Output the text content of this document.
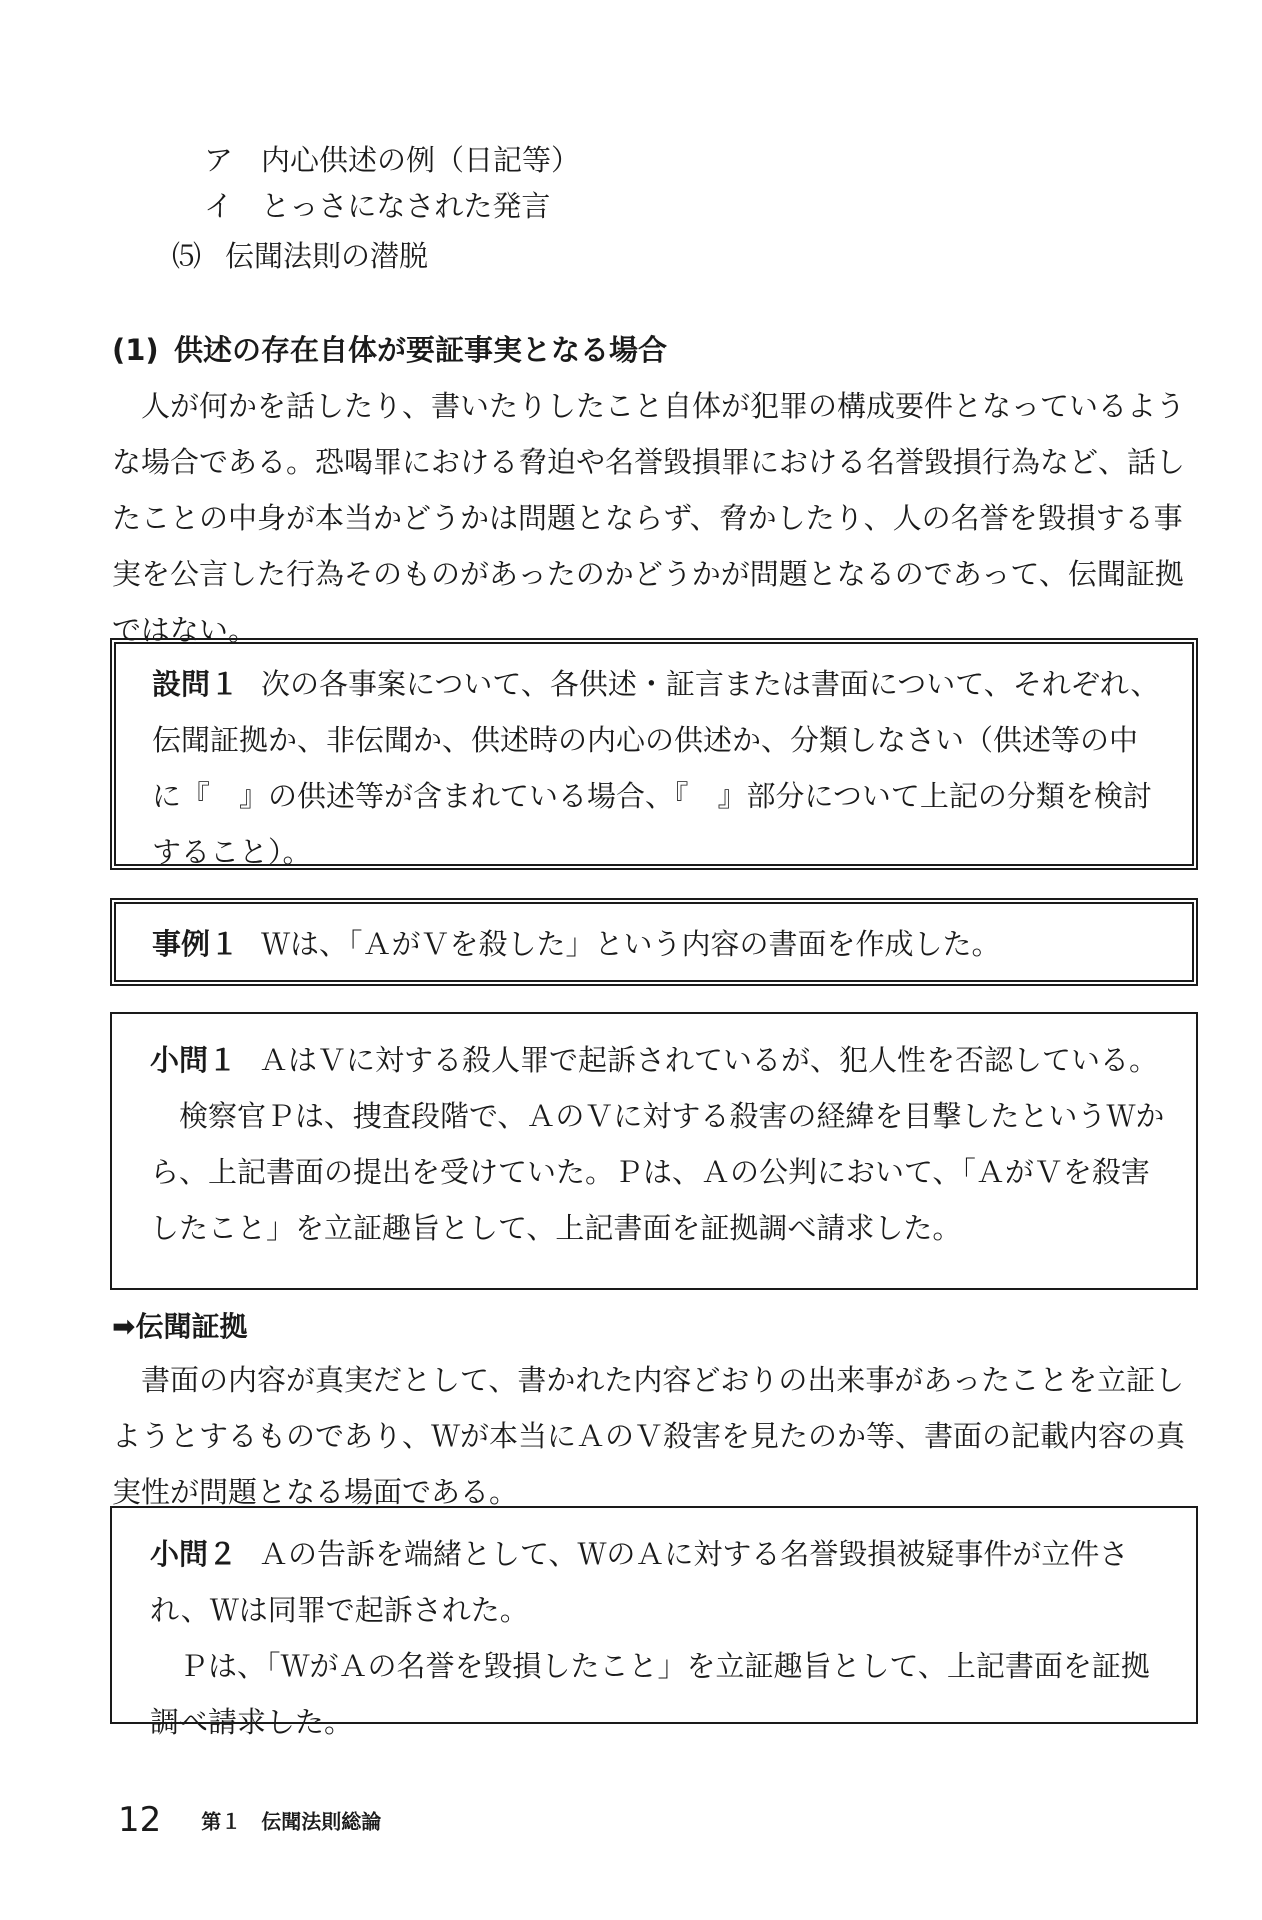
ア 内心供述の例（日記等）
イ とっさになされた発言
⑸ 伝聞法則の潜脱
(1) 供述の存在自体が要証事実となる場合

人が何かを話したり、書いたりしたこと自体が犯罪の構成要件となっているような場合である。恐喝罪における脅迫や名誉毀損罪における名誉毀損行為など、話したことの中身が本当かどうかは問題とならず、脅かしたり、人の名誉を毀損する事実を公言した行為そのものがあったのかどうかが問題となるのであって、伝聞証拠ではない。

設問１ 次の各事案について、各供述・証言または書面について、それぞれ、伝聞証拠か、非伝聞か、供述時の内心の供述か、分類しなさい（供述等の中に『　』の供述等が含まれている場合、『　』部分について上記の分類を検討すること）。

事例１ Ｗは、「ＡがＶを殺した」という内容の書面を作成した。

小問１ ＡはＶに対する殺人罪で起訴されているが、犯人性を否認している。

検察官Ｐは、捜査段階で、ＡのＶに対する殺害の経緯を目撃したというＷから、上記書面の提出を受けていた。Ｐは、Ａの公判において、「ＡがＶを殺害したこと」を立証趣旨として、上記書面を証拠調べ請求した。

➡伝聞証拠

書面の内容が真実だとして、書かれた内容どおりの出来事があったことを立証しようとするものであり、Ｗが本当にＡのＶ殺害を見たのか等、書面の記載内容の真実性が問題となる場面である。

小問２ Ａの告訴を端緒として、ＷのＡに対する名誉毀損被疑事件が立件され、Ｗは同罪で起訴された。

Ｐは、「ＷがＡの名誉を毀損したこと」を立証趣旨として、上記書面を証拠調べ請求した。

12 第１　伝聞法則総論
